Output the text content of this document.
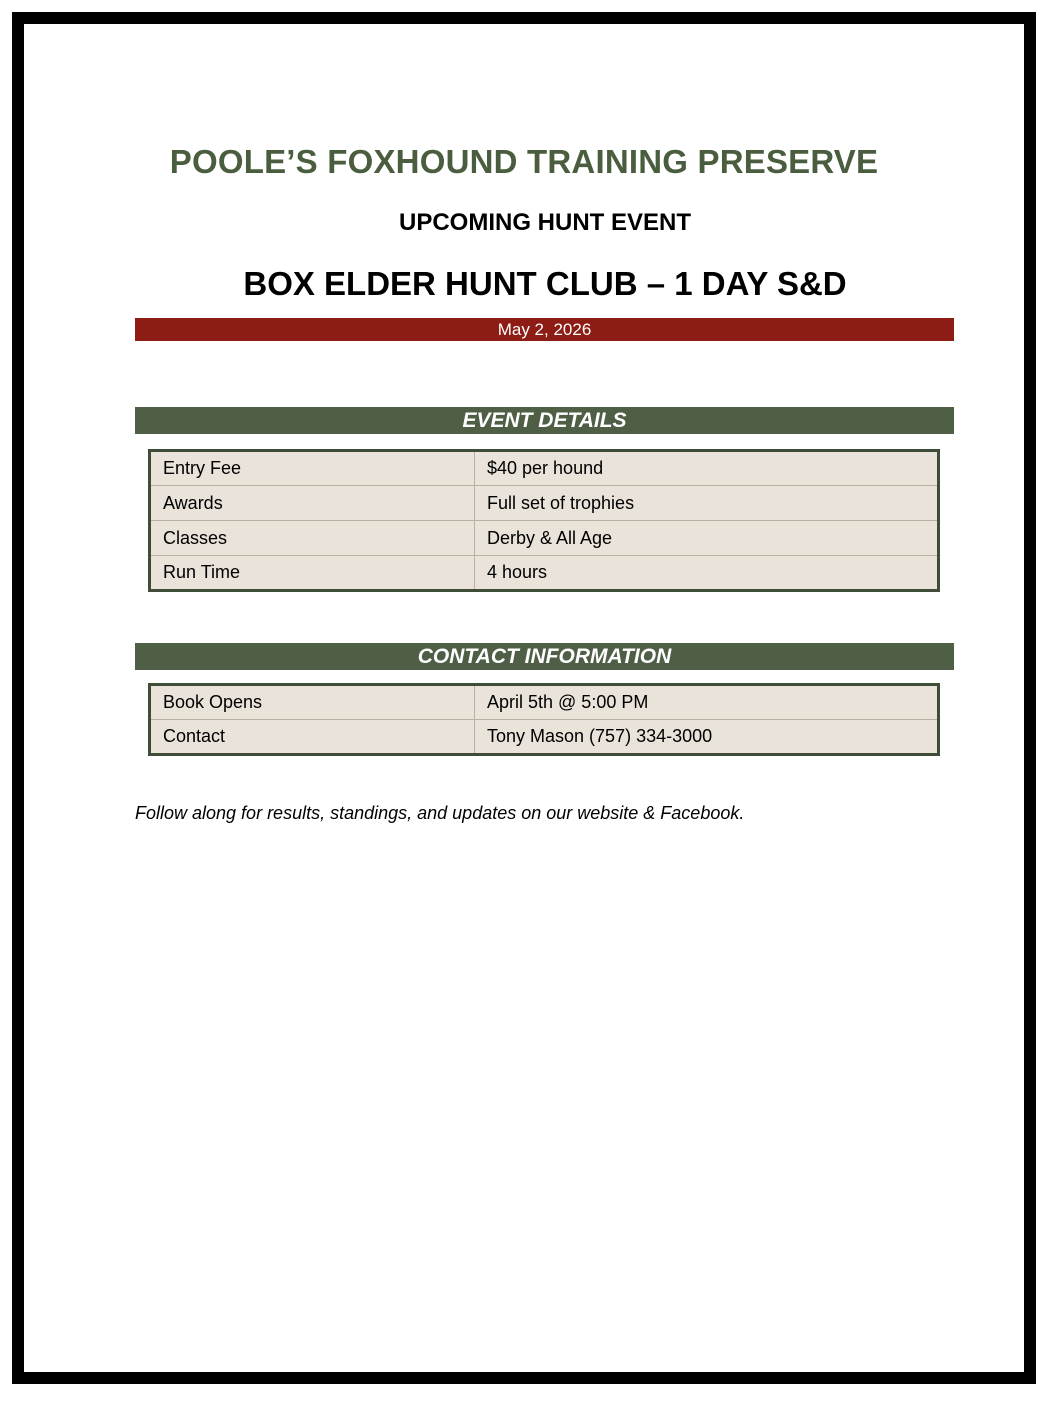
POOLE’S FOXHOUND TRAINING PRESERVE
UPCOMING HUNT EVENT
BOX ELDER HUNT CLUB – 1 DAY S&D
May 2, 2026
EVENT DETAILS
Entry Fee	$40 per hound
Awards	Full set of trophies
Classes	Derby & All Age
Run Time	4 hours
CONTACT INFORMATION
Book Opens	April 5th @ 5:00 PM
Contact	Tony Mason (757) 334-3000
Follow along for results, standings, and updates on our website & Facebook.
